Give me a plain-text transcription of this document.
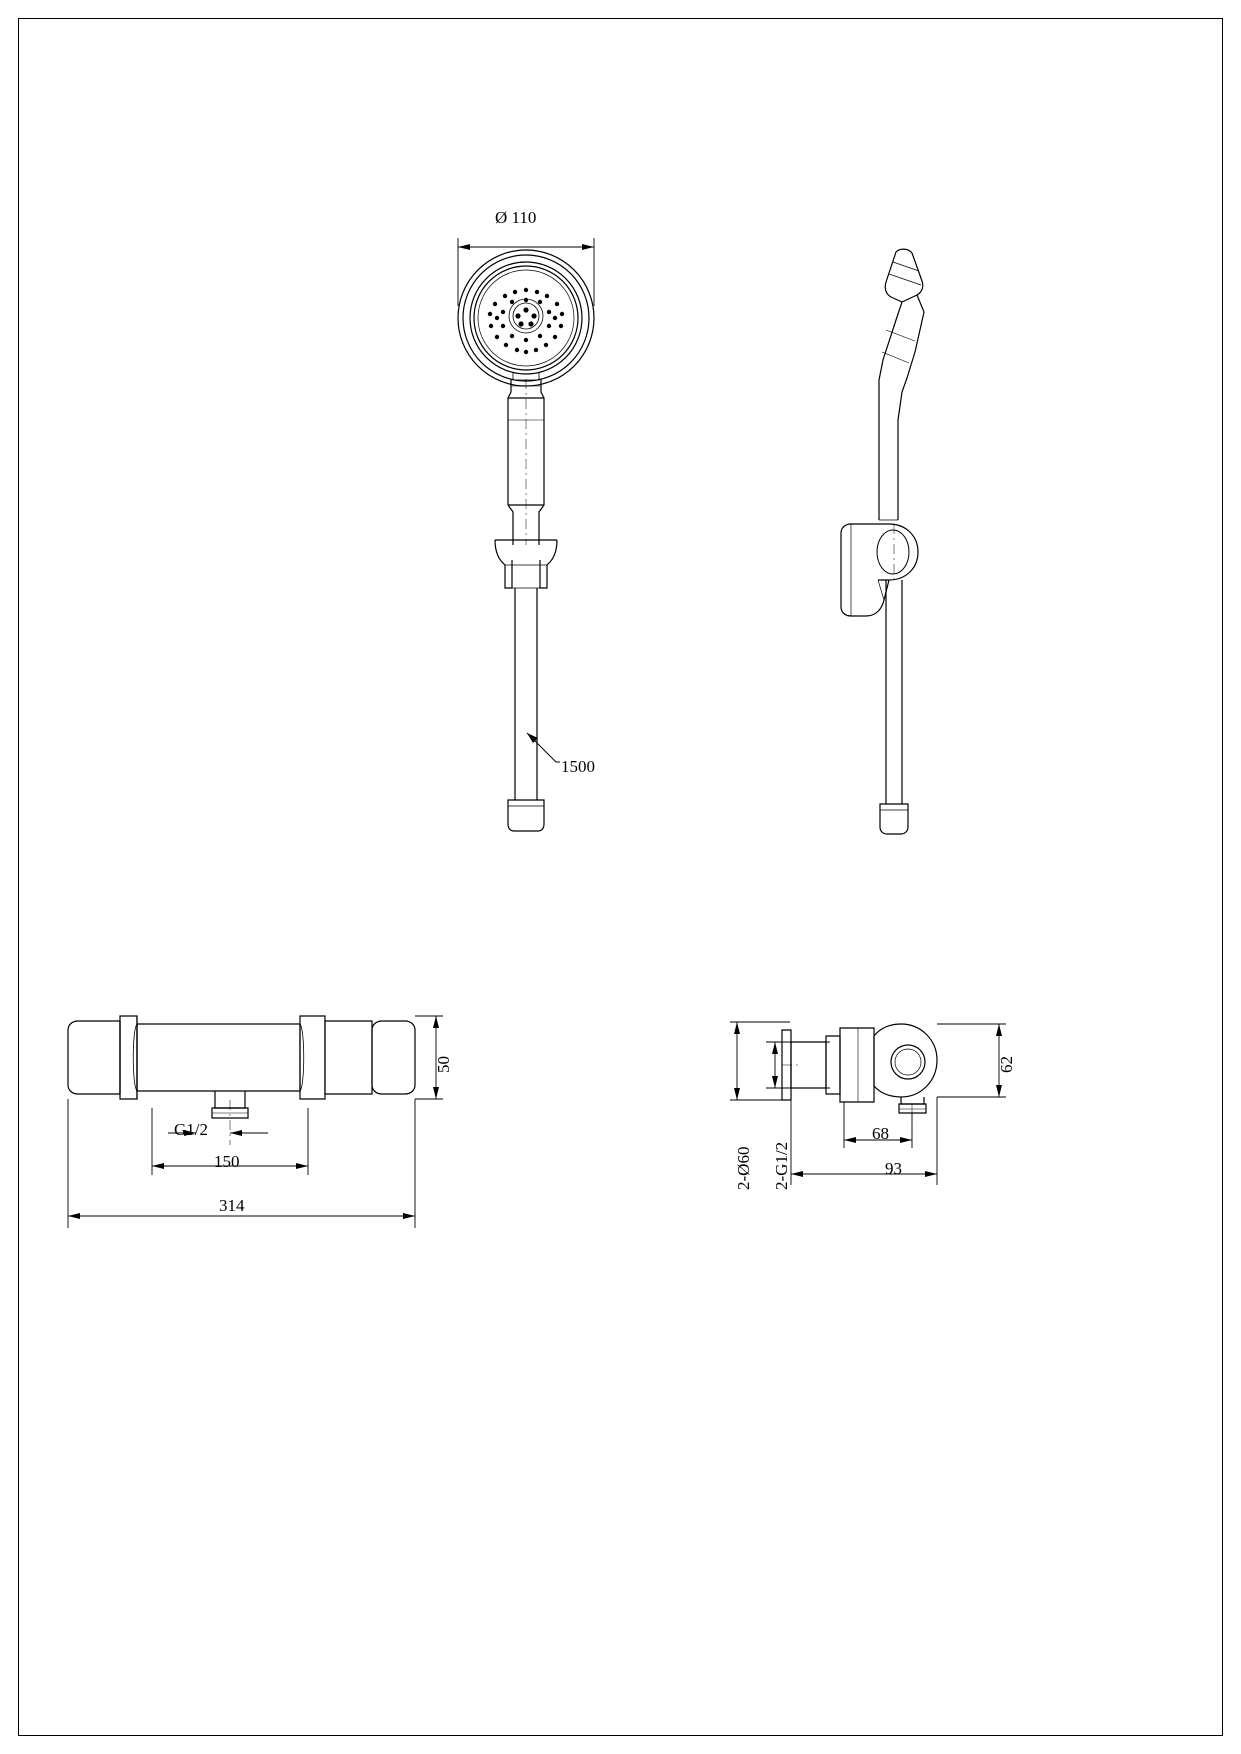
Ø 110
1500
50
G1/2
150
314
62
68
93
2-Ø60 2-G1/2
